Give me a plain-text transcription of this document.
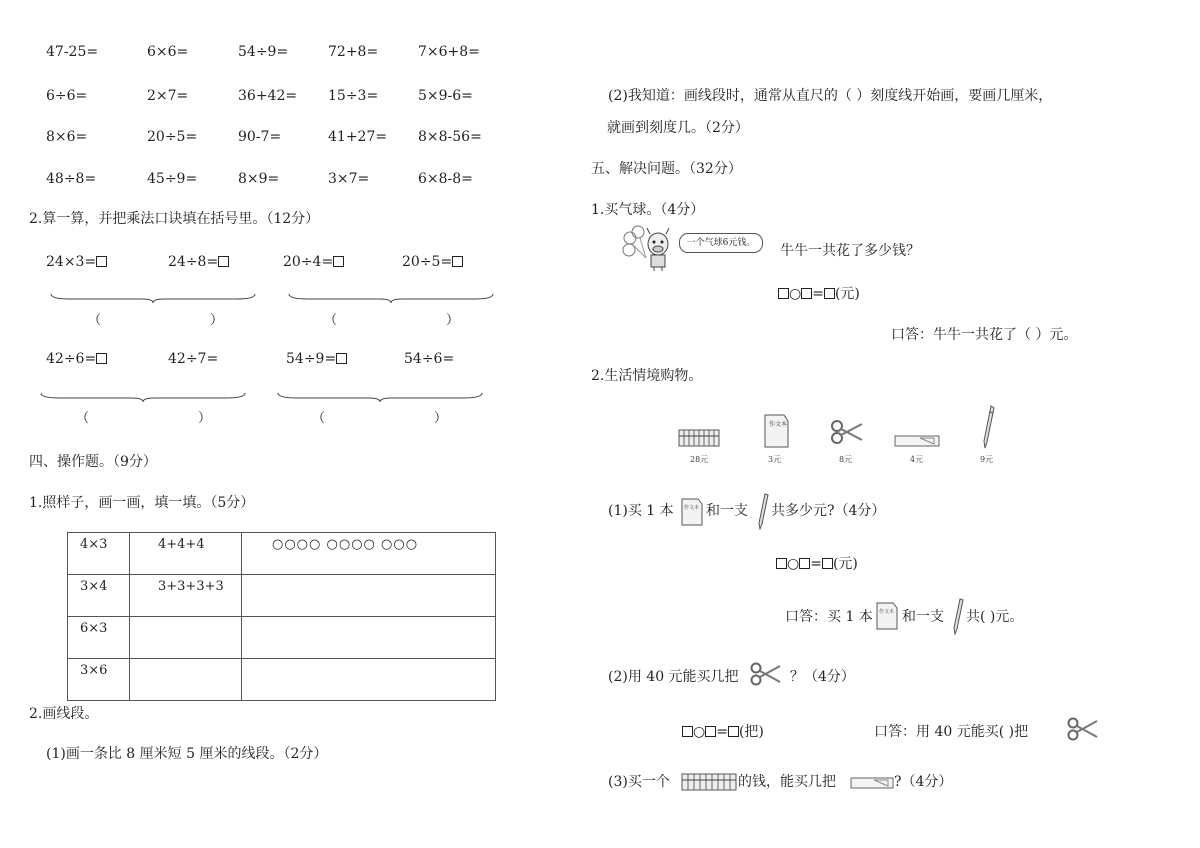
47-25=	6×6=	54÷9=	72+8=	7×6+8=
6÷6=	2×7=	36+42= 15÷3=	5×9-6=
8×6=	20÷5=	90-7=	41+27= 8×8-56=
48÷8=	45÷9=	8×9=	3×7=	6×8-8=
2.算一算，并把乘法口诀填在括号里。（12分）
24×3=	24÷8=	20÷4=	20÷5=
（	）	（	）
42÷6=	42÷7=	54÷9=	54÷6=
（	）	（	）
四、操作题。（9分）
1.照样子，画一画，填一填。（5分）
4×3	4+4+4	○○○○ ○○○○ ○○○
3×4	3+3+3+3	
6×3		
3×6		
2.画线段。
(1)画一条比 8 厘米短 5 厘米的线段。（2分）
(2)我知道：画线段时，通常从直尺的（ ）刻度线开始画，要画几厘米，
就画到刻度几。（2分）
五、解决问题。（32分）
1.买气球。（4分）
一个气球6元钱。	牛牛一共花了多少钱？
○ = (元)
口答：牛牛一共花了（ ）元。
2.生活情境购物。
28元
作文本
3元	8元	4元	9元
(1)买 1 本 作文本 和一支 共多少元?（4分）
○ = (元)
口答：买 1 本 作文本 和一支 共( )元。
(2)用 40 元能买几把	？（4分）
○ = (把)	口答：用 40 元能买( )把
(3)买一个	的钱，能买几把	?（4分）
